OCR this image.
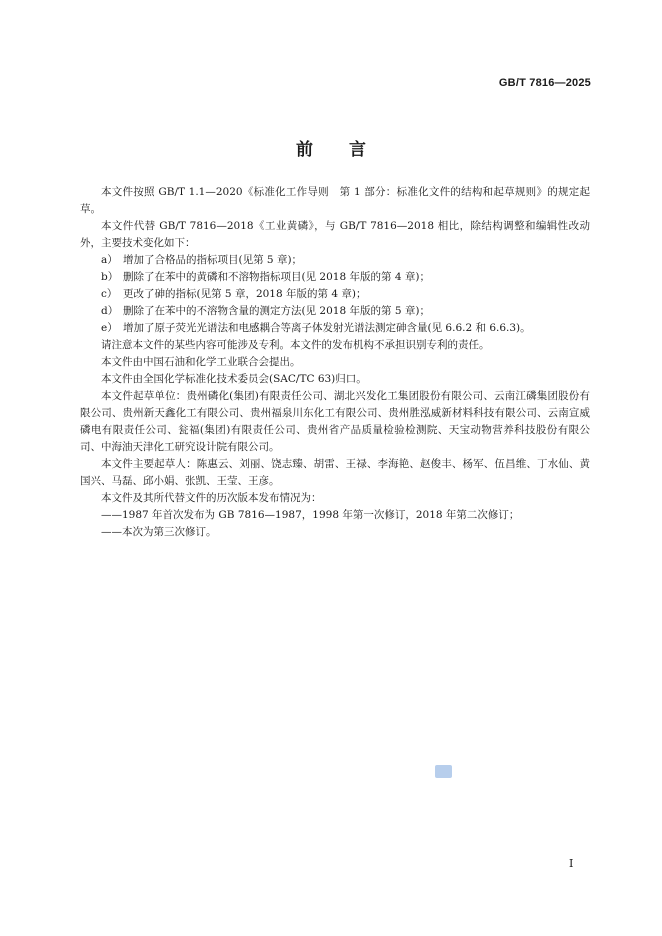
GB/T 7816—2025
前言

本文件按照 GB/T 1.1—2020《标准化工作导则　第 1 部分：标准化文件的结构和起草规则》的规定起草。

本文件代替 GB/T 7816—2018《工业黄磷》，与 GB/T 7816—2018 相比，除结构调整和编辑性改动外，主要技术变化如下：

a） 增加了合格品的指标项目(见第 5 章)；

b） 删除了在苯中的黄磷和不溶物指标项目(见 2018 年版的第 4 章)；

c） 更改了砷的指标(见第 5 章，2018 年版的第 4 章)；

d） 删除了在苯中的不溶物含量的测定方法(见 2018 年版的第 5 章)；

e） 增加了原子荧光光谱法和电感耦合等离子体发射光谱法测定砷含量(见 6.6.2 和 6.6.3)。

请注意本文件的某些内容可能涉及专利。本文件的发布机构不承担识别专利的责任。

本文件由中国石油和化学工业联合会提出。

本文件由全国化学标准化技术委员会(SAC/TC 63)归口。

本文件起草单位：贵州磷化(集团)有限责任公司、湖北兴发化工集团股份有限公司、云南江磷集团股份有限公司、贵州新天鑫化工有限公司、贵州福泉川东化工有限公司、贵州胜泓威新材料科技有限公司、云南宣威磷电有限责任公司、瓮福(集团)有限责任公司、贵州省产品质量检验检测院、天宝动物营养科技股份有限公司、中海油天津化工研究设计院有限公司。

本文件主要起草人：陈惠云、刘丽、饶志臻、胡雷、王禄、李海艳、赵俊丰、杨军、伍昌维、丁水仙、黄国兴、马磊、邱小娟、张凯、王莹、王彦。

本文件及其所代替文件的历次版本发布情况为：

——1987 年首次发布为 GB 7816—1987，1998 年第一次修订，2018 年第二次修订；

——本次为第三次修订。

I
